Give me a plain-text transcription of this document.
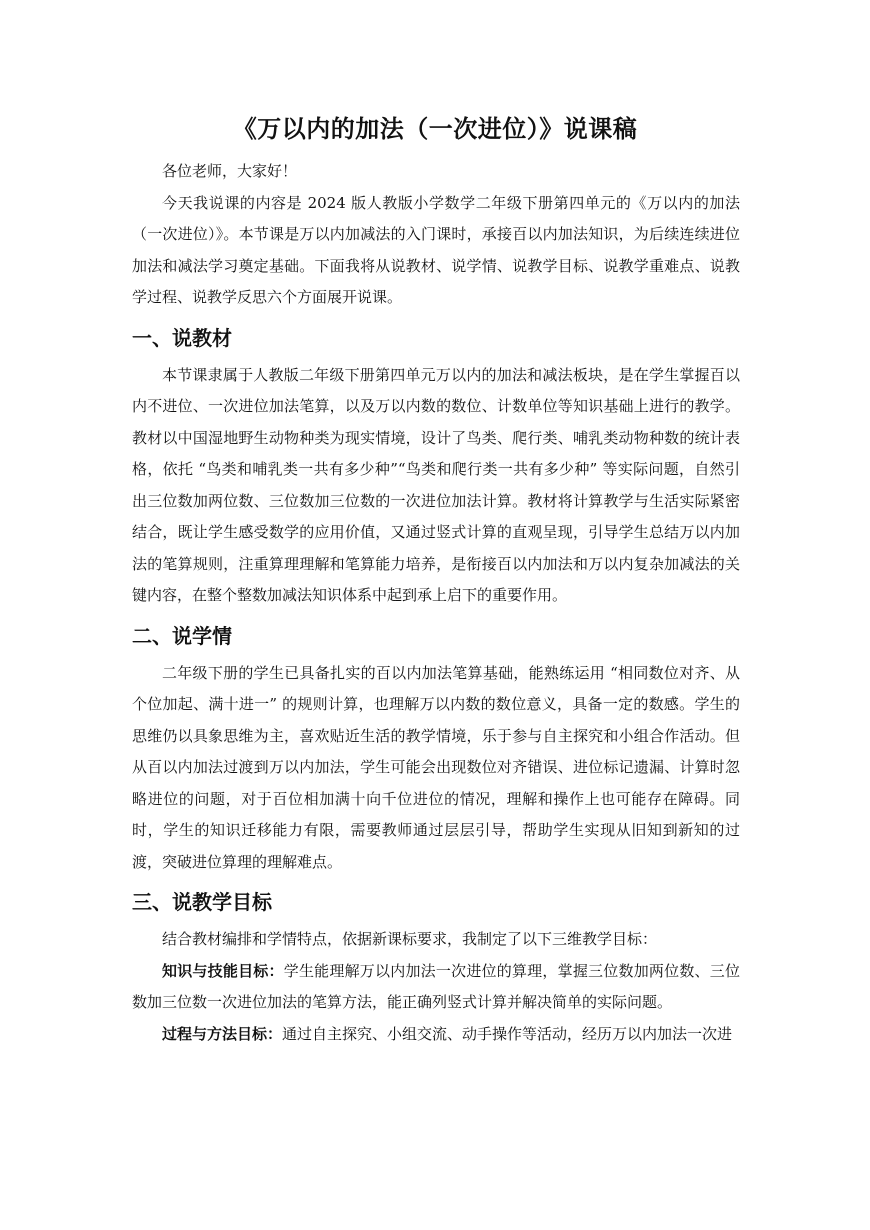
《万以内的加法（一次进位）》说课稿

各位老师，大家好！

今天我说课的内容是 2024 版人教版小学数学二年级下册第四单元的《万以内的加法（一次进位）》。本节课是万以内加减法的入门课时，承接百以内加法知识，为后续连续进位加法和减法学习奠定基础。下面我将从说教材、说学情、说教学目标、说教学重难点、说教学过程、说教学反思六个方面展开说课。

一、说教材

本节课隶属于人教版二年级下册第四单元万以内的加法和减法板块，是在学生掌握百以内不进位、一次进位加法笔算，以及万以内数的数位、计数单位等知识基础上进行的教学。教材以中国湿地野生动物种类为现实情境，设计了鸟类、爬行类、哺乳类动物种数的统计表格，依托 “鸟类和哺乳类一共有多少种”“鸟类和爬行类一共有多少种” 等实际问题，自然引出三位数加两位数、三位数加三位数的一次进位加法计算。教材将计算教学与生活实际紧密结合，既让学生感受数学的应用价值，又通过竖式计算的直观呈现，引导学生总结万以内加法的笔算规则，注重算理理解和笔算能力培养，是衔接百以内加法和万以内复杂加减法的关键内容，在整个整数加减法知识体系中起到承上启下的重要作用。

二、说学情

二年级下册的学生已具备扎实的百以内加法笔算基础，能熟练运用 “相同数位对齐、从个位加起、满十进一” 的规则计算，也理解万以内数的数位意义，具备一定的数感。学生的思维仍以具象思维为主，喜欢贴近生活的教学情境，乐于参与自主探究和小组合作活动。但从百以内加法过渡到万以内加法，学生可能会出现数位对齐错误、进位标记遗漏、计算时忽略进位的问题，对于百位相加满十向千位进位的情况，理解和操作上也可能存在障碍。同时，学生的知识迁移能力有限，需要教师通过层层引导，帮助学生实现从旧知到新知的过渡，突破进位算理的理解难点。

三、说教学目标

结合教材编排和学情特点，依据新课标要求，我制定了以下三维教学目标：

知识与技能目标：学生能理解万以内加法一次进位的算理，掌握三位数加两位数、三位数加三位数一次进位加法的笔算方法，能正确列竖式计算并解决简单的实际问题。

过程与方法目标：通过自主探究、小组交流、动手操作等活动，经历万以内加法一次进
